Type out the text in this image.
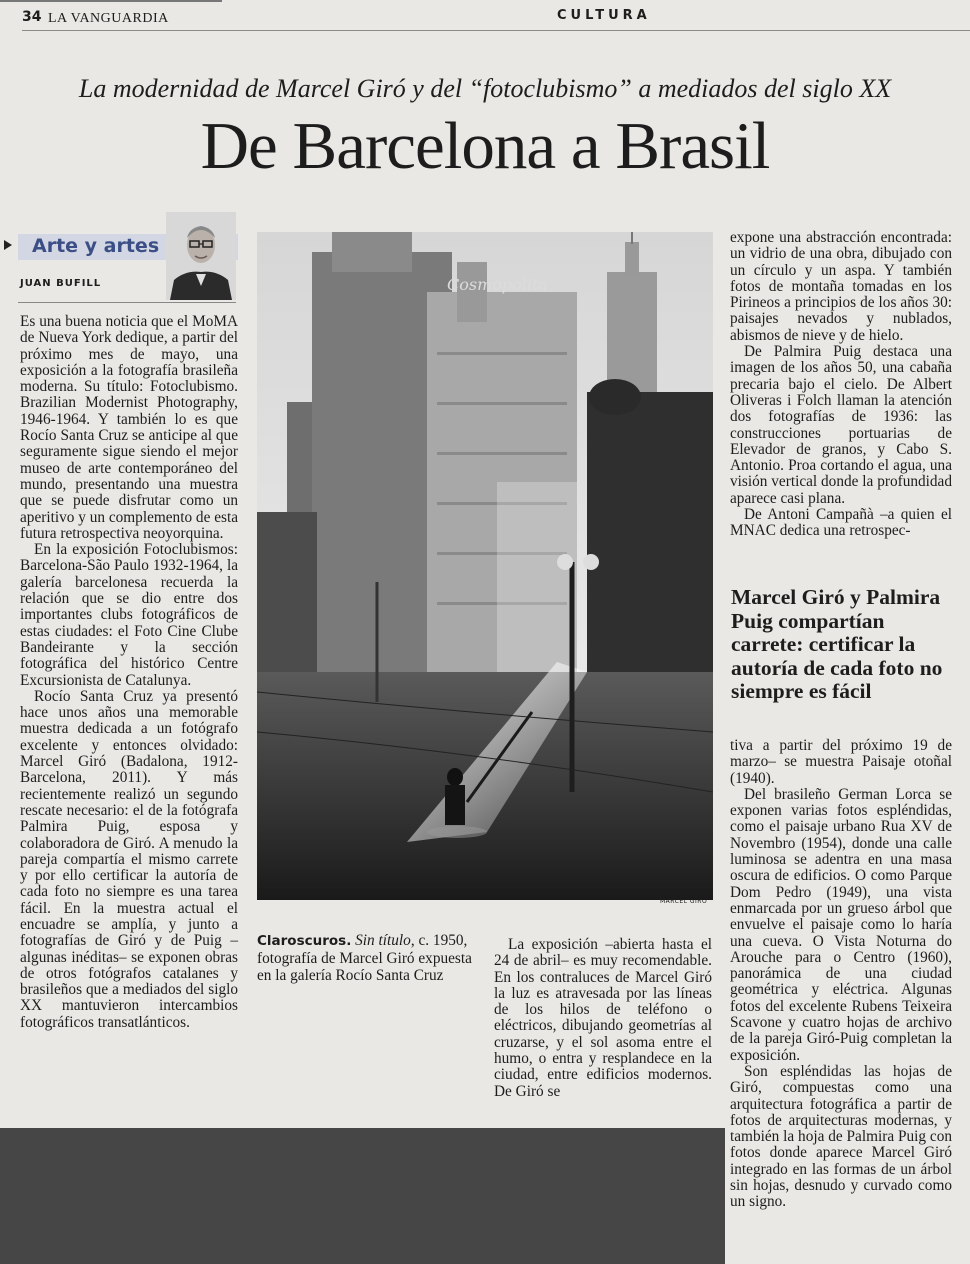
34 LA VANGUARDIA	CULTURA
La modernidad de Marcel Giró y del “fotoclubismo” a mediados del siglo XX
De Barcelona a Brasil
Arte y artes
JUAN BUFILL

Es una buena noticia que el MoMA de Nueva York dedique, a partir del próximo mes de mayo, una exposición a la fotografía brasileña moderna. Su título: Fotoclubismo. Brazilian Modernist Photography, 1946-1964. Y también lo es que Rocío Santa Cruz se anticipe al que seguramente sigue siendo el mejor museo de arte contemporáneo del mundo, presentando una muestra que se puede disfrutar como un aperitivo y un complemento de esta futura retrospectiva neoyorquina.

En la exposición Fotoclubismos: Barcelona-São Paulo 1932-1964, la galería barcelonesa recuerda la relación que se dio entre dos importantes clubs fotográficos de estas ciudades: el Foto Cine Clube Bandeirante y la sección fotográfica del histórico Centre Excursionista de Catalunya.

Rocío Santa Cruz ya presentó hace unos años una memorable muestra dedicada a un fotógrafo excelente y entonces olvidado: Marcel Giró (Badalona, 1912-Barcelona, 2011). Y más recientemente realizó un segundo rescate necesario: el de la fotógrafa Palmira Puig, esposa y colaboradora de Giró. A menudo la pareja compartía el mismo carrete y por ello certificar la autoría de cada foto no siempre es una tarea fácil. En la muestra actual el encuadre se amplía, y junto a fotografías de Giró y de Puig –algunas inéditas– se exponen obras de otros fotógrafos catalanes y brasileños que a mediados del siglo XX mantuvieron intercambios fotográficos transatlánticos.

Cosmopolita
MARCEL GIRÓ
Claroscuros. Sin título, c. 1950, fotografía de Marcel Giró expuesta en la galería Rocío Santa Cruz

La exposición –abierta hasta el 24 de abril– es muy recomendable. En los contraluces de Marcel Giró la luz es atravesada por las líneas de los hilos de teléfono o eléctricos, dibujando geometrías al cruzarse, y el sol asoma entre el humo, o entra y resplandece en la ciudad, entre edificios modernos. De Giró se

expone una abstracción encontrada: un vidrio de una obra, dibujado con un círculo y un aspa. Y también fotos de montaña tomadas en los Pirineos a principios de los años 30: paisajes nevados y nublados, abismos de nieve y de hielo.

De Palmira Puig destaca una imagen de los años 50, una cabaña precaria bajo el cielo. De Albert Oliveras i Folch llaman la atención dos fotografías de 1936: las construcciones portuarias de Elevador de granos, y Cabo S. Antonio. Proa cortando el agua, una visión vertical donde la profundidad aparece casi plana.

De Antoni Campañà –a quien el MNAC dedica una retrospec-

Marcel Giró y Palmira Puig compartían carrete: certificar la autoría de cada foto no siempre es fácil

tiva a partir del próximo 19 de marzo– se muestra Paisaje otoñal (1940).

Del brasileño German Lorca se exponen varias fotos espléndidas, como el paisaje urbano Rua XV de Novembro (1954), donde una calle luminosa se adentra en una masa oscura de edificios. O como Parque Dom Pedro (1949), una vista enmarcada por un grueso árbol que envuelve el paisaje como lo haría una cueva. O Vista Noturna do Arouche para o Centro (1960), panorámica de una ciudad geométrica y eléctrica. Algunas fotos del excelente Rubens Teixeira Scavone y cuatro hojas de archivo de la pareja Giró-Puig completan la exposición.

Son espléndidas las hojas de Giró, compuestas como una arquitectura fotográfica a partir de fotos de arquitecturas modernas, y también la hoja de Palmira Puig con fotos donde aparece Marcel Giró integrado en las formas de un árbol sin hojas, desnudo y curvado como un signo.
